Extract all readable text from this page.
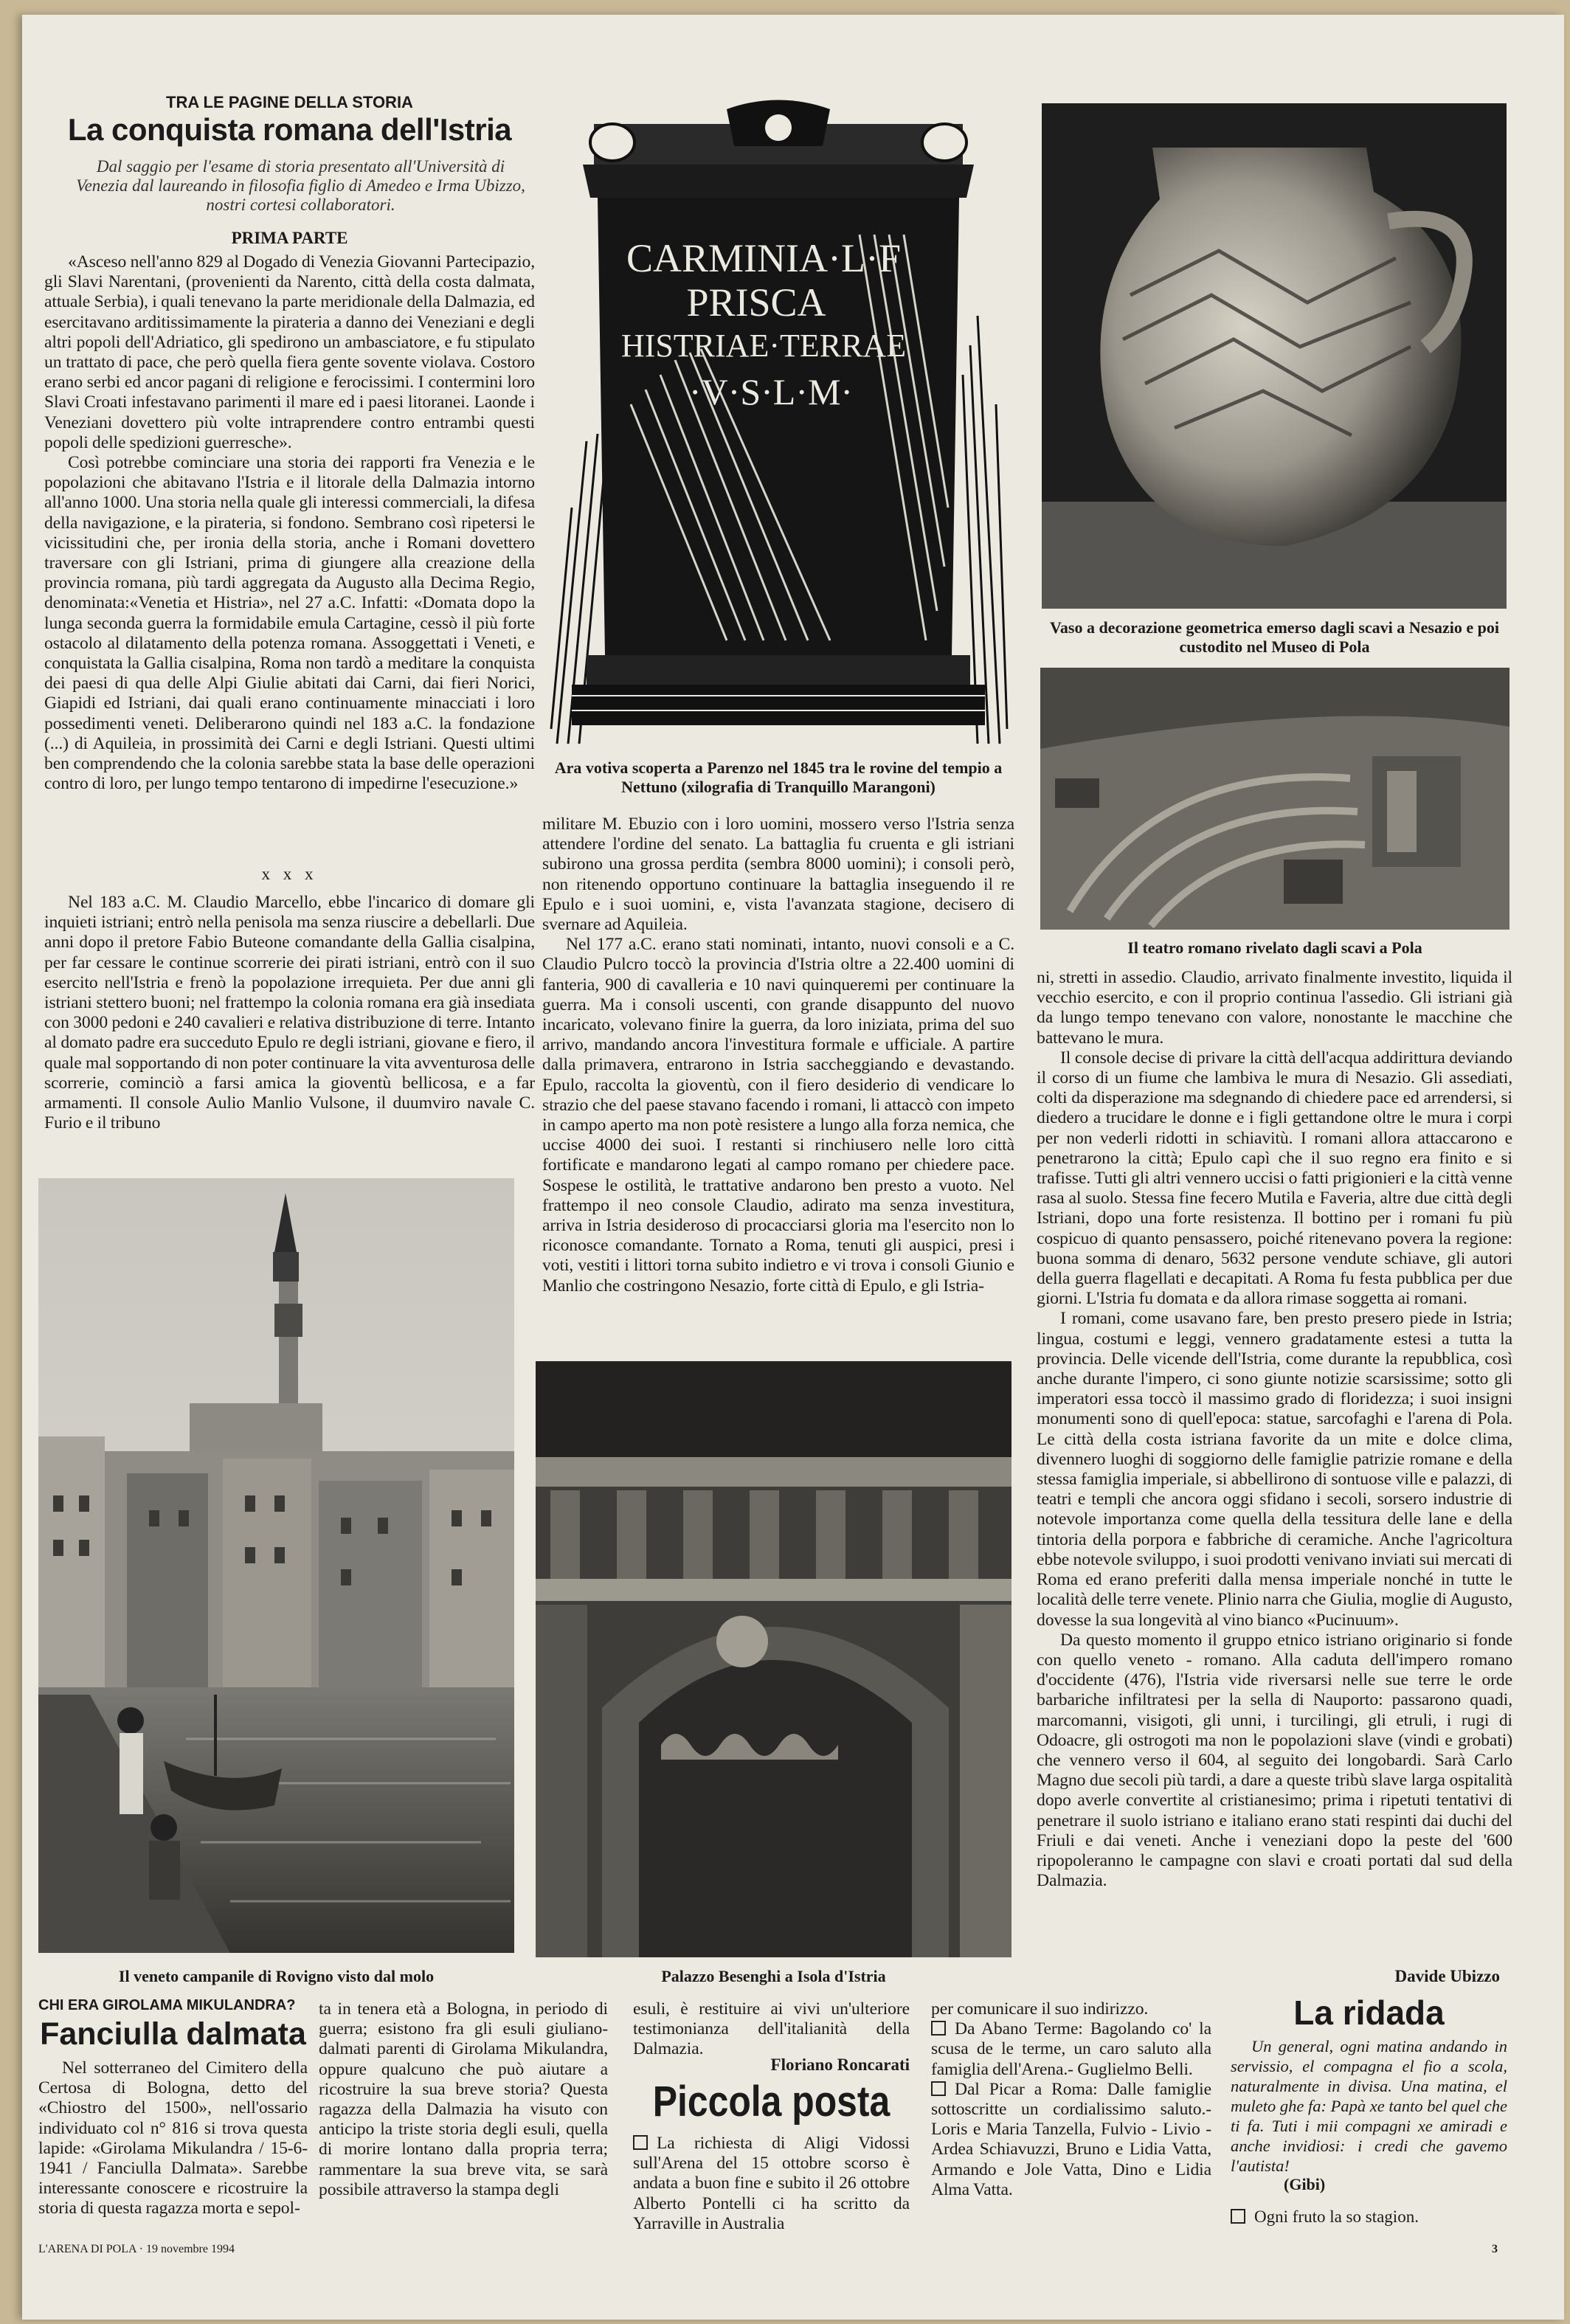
TRA LE PAGINE DELLA STORIA
La conquista romana dell'Istria
Dal saggio per l'esame di storia presentato all'Università di Venezia dal laureando in filosofia figlio di Amedeo e Irma Ubizzo, nostri cortesi collaboratori.
PRIMA PARTE

«Asceso nell'anno 829 al Dogado di Venezia Giovanni Partecipazio, gli Slavi Narentani, (provenienti da Narento, città della costa dalmata, attuale Serbia), i quali tenevano la parte meridionale della Dalmazia, ed esercitavano arditissimamente la pirateria a danno dei Veneziani e degli altri popoli dell'Adriatico, gli spedirono un ambasciatore, e fu stipulato un trattato di pace, che però quella fiera gente sovente violava. Costoro erano serbi ed ancor pagani di religione e ferocissimi. I contermini loro Slavi Croati infestavano parimenti il mare ed i paesi litoranei. Laonde i Veneziani dovettero più volte intraprendere contro entrambi questi popoli delle spedizioni guerresche».

Così potrebbe cominciare una storia dei rapporti fra Venezia e le popolazioni che abitavano l'Istria e il litorale della Dalmazia intorno all'anno 1000. Una storia nella quale gli interessi commerciali, la difesa della navigazione, e la pirateria, si fondono. Sembrano così ripetersi le vicissitudini che, per ironia della storia, anche i Romani dovettero traversare con gli Istriani, prima di giungere alla creazione della provincia romana, più tardi aggregata da Augusto alla Decima Regio, denominata:«Venetia et Histria», nel 27 a.C. Infatti: «Domata dopo la lunga seconda guerra la formidabile emula Cartagine, cessò il più forte ostacolo al dilatamento della potenza romana. Assoggettati i Veneti, e conquistata la Gallia cisalpina, Roma non tardò a meditare la conquista dei paesi di qua delle Alpi Giulie abitati dai Carni, dai fieri Norici, Giapidi ed Istriani, dai quali erano continuamente minacciati i loro possedimenti veneti. Deliberarono quindi nel 183 a.C. la fondazione (...) di Aquileia, in prossimità dei Carni e degli Istriani. Questi ultimi ben comprendendo che la colonia sarebbe stata la base delle operazioni contro di loro, per lungo tempo tentarono di impedirne l'esecuzione.»

x x x

Nel 183 a.C. M. Claudio Marcello, ebbe l'incarico di domare gli inquieti istriani; entrò nella penisola ma senza riuscire a debellarli. Due anni dopo il pretore Fabio Buteone comandante della Gallia cisalpina, per far cessare le continue scorrerie dei pirati istriani, entrò con il suo esercito nell'Istria e frenò la popolazione irrequieta. Per due anni gli istriani stettero buoni; nel frattempo la colonia romana era già insediata con 3000 pedoni e 240 cavalieri e relativa distribuzione di terre. Intanto al domato padre era succeduto Epulo re degli istriani, giovane e fiero, il quale mal sopportando di non poter continuare la vita avventurosa delle scorrerie, cominciò a farsi amica la gioventù bellicosa, e a far armamenti. Il console Aulio Manlio Vulsone, il duumviro navale C. Furio e il tribuno

CARMINIA·L·F
PRISCA
HISTRIAE·TERRAE
·V·S·L·M·
Ara votiva scoperta a Parenzo nel 1845 tra le rovine del tempio a Nettuno (xilografia di Tranquillo Marangoni)

militare M. Ebuzio con i loro uomini, mossero verso l'Istria senza attendere l'ordine del senato. La battaglia fu cruenta e gli istriani subirono una grossa perdita (sembra 8000 uomini); i consoli però, non ritenendo opportuno continuare la battaglia inseguendo il re Epulo e i suoi uomini, e, vista l'avanzata stagione, decisero di svernare ad Aquileia.

Nel 177 a.C. erano stati nominati, intanto, nuovi consoli e a C. Claudio Pulcro toccò la provincia d'Istria oltre a 22.400 uomini di fanteria, 900 di cavalleria e 10 navi quinqueremi per continuare la guerra. Ma i consoli uscenti, con grande disappunto del nuovo incaricato, volevano finire la guerra, da loro iniziata, prima del suo arrivo, mandando ancora l'investitura formale e ufficiale. A partire dalla primavera, entrarono in Istria saccheggiando e devastando. Epulo, raccolta la gioventù, con il fiero desiderio di vendicare lo strazio che del paese stavano facendo i romani, li attaccò con impeto in campo aperto ma non potè resistere a lungo alla forza nemica, che uccise 4000 dei suoi. I restanti si rinchiusero nelle loro città fortificate e mandarono legati al campo romano per chiedere pace. Sospese le ostilità, le trattative andarono ben presto a vuoto. Nel frattempo il neo console Claudio, adirato ma senza investitura, arriva in Istria desideroso di procacciarsi gloria ma l'esercito non lo riconosce comandante. Tornato a Roma, tenuti gli auspici, presi i voti, vestiti i littori torna subito indietro e vi trova i consoli Giunio e Manlio che costringono Nesazio, forte città di Epulo, e gli Istria-

Vaso a decorazione geometrica emerso dagli scavi a Nesazio e poi custodito nel Museo di Pola
Il teatro romano rivelato dagli scavi a Pola

ni, stretti in assedio. Claudio, arrivato finalmente investito, liquida il vecchio esercito, e con il proprio continua l'assedio. Gli istriani già da lungo tempo tenevano con valore, nonostante le macchine che battevano le mura.

Il console decise di privare la città dell'acqua addirittura deviando il corso di un fiume che lambiva le mura di Nesazio. Gli assediati, colti da disperazione ma sdegnando di chiedere pace ed arrendersi, si diedero a trucidare le donne e i figli gettandone oltre le mura i corpi per non vederli ridotti in schiavitù. I romani allora attaccarono e penetrarono la città; Epulo capì che il suo regno era finito e si trafisse. Tutti gli altri vennero uccisi o fatti prigionieri e la città venne rasa al suolo. Stessa fine fecero Mutila e Faveria, altre due città degli Istriani, dopo una forte resistenza. Il bottino per i romani fu più cospicuo di quanto pensassero, poiché ritenevano povera la regione: buona somma di denaro, 5632 persone vendute schiave, gli autori della guerra flagellati e decapitati. A Roma fu festa pubblica per due giorni. L'Istria fu domata e da allora rimase soggetta ai romani.

I romani, come usavano fare, ben presto presero piede in Istria; lingua, costumi e leggi, vennero gradatamente estesi a tutta la provincia. Delle vicende dell'Istria, come durante la repubblica, così anche durante l'impero, ci sono giunte notizie scarsissime; sotto gli imperatori essa toccò il massimo grado di floridezza; i suoi insigni monumenti sono di quell'epoca: statue, sarcofaghi e l'arena di Pola. Le città della costa istriana favorite da un mite e dolce clima, divennero luoghi di soggiorno delle famiglie patrizie romane e della stessa famiglia imperiale, si abbellirono di sontuose ville e palazzi, di teatri e templi che ancora oggi sfidano i secoli, sorsero industrie di notevole importanza come quella della tessitura delle lane e della tintoria della porpora e fabbriche di ceramiche. Anche l'agricoltura ebbe notevole sviluppo, i suoi prodotti venivano inviati sui mercati di Roma ed erano preferiti dalla mensa imperiale nonché in tutte le località delle terre venete. Plinio narra che Giulia, moglie di Augusto, dovesse la sua longevità al vino bianco «Pucinuum».

Da questo momento il gruppo etnico istriano originario si fonde con quello veneto - romano. Alla caduta dell'impero romano d'occidente (476), l'Istria vide riversarsi nelle sue terre le orde barbariche infiltratesi per la sella di Nauporto: passarono quadi, marcomanni, visigoti, gli unni, i turcilingi, gli etruli, i rugi di Odoacre, gli ostrogoti ma non le popolazioni slave (vindi e grobati) che vennero verso il 604, al seguito dei longobardi. Sarà Carlo Magno due secoli più tardi, a dare a queste tribù slave larga ospitalità dopo averle convertite al cristianesimo; prima i ripetuti tentativi di penetrare il suolo istriano e italiano erano stati respinti dai duchi del Friuli e dai veneti. Anche i veneziani dopo la peste del '600 ripopoleranno le campagne con slavi e croati portati dal sud della Dalmazia.

Davide Ubizzo
Il veneto campanile di Rovigno visto dal molo	Palazzo Besenghi a Isola d'Istria
CHI ERA GIROLAMA MIKULANDRA?
Fanciulla dalmata

Nel sotterraneo del Cimitero della Certosa di Bologna, detto del «Chiostro del 1500», nell'ossario individuato col n° 816 si trova questa lapide: «Girolama Mikulandra / 15-6-1941 / Fanciulla Dalmata». Sarebbe interessante conoscere e ricostruire la storia di questa ragazza morta e sepol-

ta in tenera età a Bologna, in periodo di guerra; esistono fra gli esuli giuliano-dalmati parenti di Girolama Mikulandra, oppure qualcuno che può aiutare a ricostruire la sua breve storia? Questa ragazza della Dalmazia ha visuto con anticipo la triste storia degli esuli, quella di morire lontano dalla propria terra; rammentare la sua breve vita, se sarà possibile attraverso la stampa degli

esuli, è restituire ai vivi un'ulteriore testimonianza dell'italianità della Dalmazia.

Floriano Roncarati
Piccola posta

La richiesta di Aligi Vidossi sull'Arena del 15 ottobre scorso è andata a buon fine e subito il 26 ottobre Alberto Pontelli ci ha scritto da Yarraville in Australia

per comunicare il suo indirizzo.

Da Abano Terme: Bagolando co' la scusa de le terme, un caro saluto alla famiglia dell'Arena.- Guglielmo Belli.

Dal Picar a Roma: Dalle famiglie sottoscritte un cordialissimo saluto.- Loris e Maria Tanzella, Fulvio - Livio - Ardea Schiavuzzi, Bruno e Lidia Vatta, Armando e Jole Vatta, Dino e Lidia Alma Vatta.

La ridada
Un general, ogni matina andando in servissio, el compagna el fio a scola, naturalmente in divisa. Una matina, el muleto ghe fa: Papà xe tanto bel quel che ti fa. Tuti i mii compagni xe amiradi e anche invidiosi: i credi che gavemo l'autista!
(Gibi)
Ogni fruto la so stagion.
L'ARENA DI POLA · 19 novembre 1994	3
